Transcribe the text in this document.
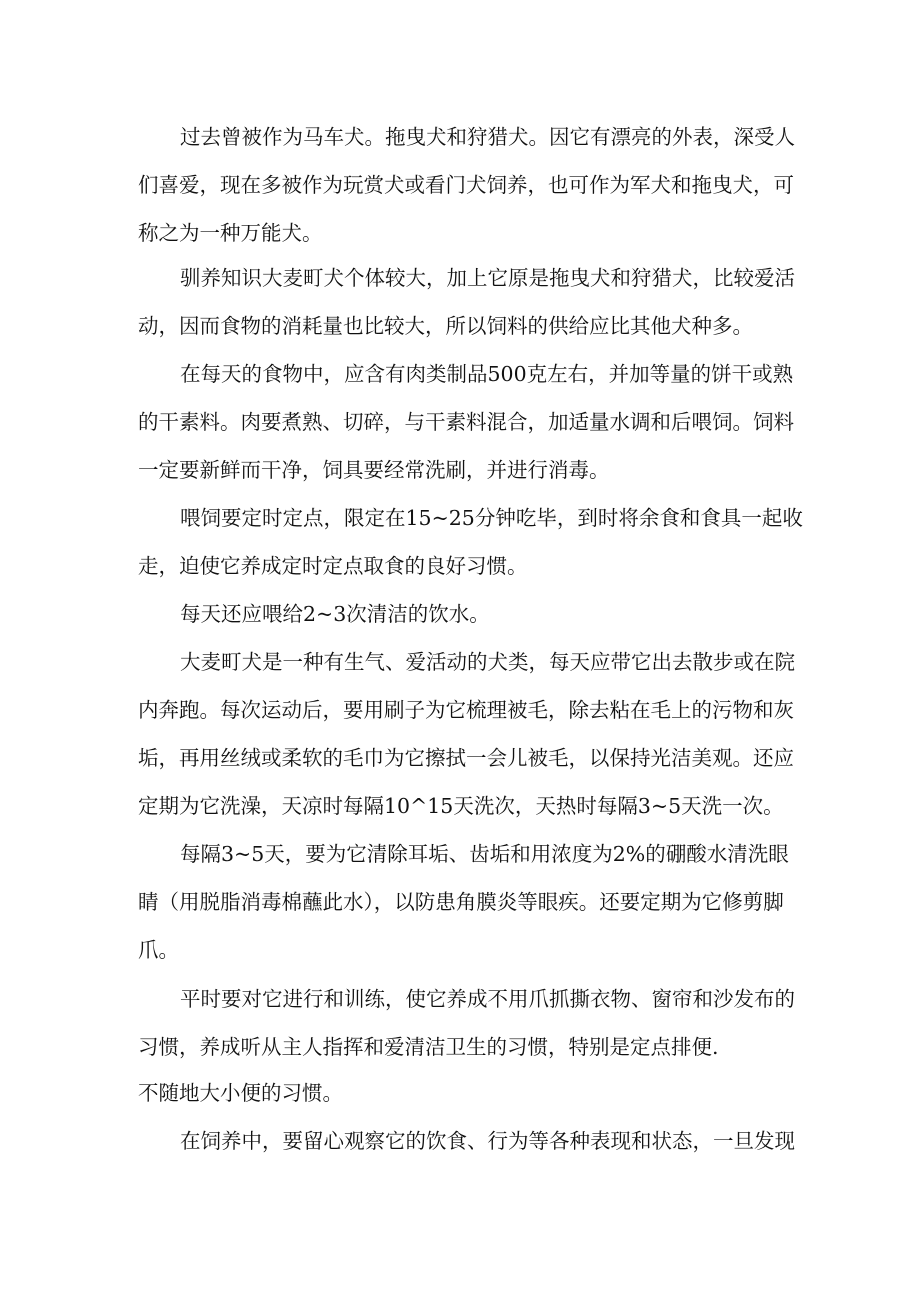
过去曾被作为马车犬。拖曳犬和狩猎犬。因它有漂亮的外表，深受人
们喜爱，现在多被作为玩赏犬或看门犬饲养，也可作为军犬和拖曳犬，可
称之为一种万能犬。

驯养知识大麦町犬个体较大，加上它原是拖曳犬和狩猎犬，比较爱活
动，因而食物的消耗量也比较大，所以饲料的供给应比其他犬种多。

在每天的食物中，应含有肉类制品500克左右，并加等量的饼干或熟
的干素料。肉要煮熟、切碎，与干素料混合，加适量水调和后喂饲。饲料
一定要新鲜而干净，饲具要经常洗刷，并进行消毒。

喂饲要定时定点，限定在15~25分钟吃毕，到时将余食和食具一起收
走，迫使它养成定时定点取食的良好习惯。

每天还应喂给2~3次清洁的饮水。

大麦町犬是一种有生气、爱活动的犬类，每天应带它出去散步或在院
内奔跑。每次运动后，要用刷子为它梳理被毛，除去粘在毛上的污物和灰
垢，再用丝绒或柔软的毛巾为它擦拭一会儿被毛，以保持光洁美观。还应
定期为它洗澡，天凉时每隔10^15天洗次，天热时每隔3~5天洗一次。

每隔3~5天，要为它清除耳垢、齿垢和用浓度为2%的硼酸水清洗眼
睛（用脱脂消毒棉蘸此水），以防患角膜炎等眼疾。还要定期为它修剪脚
爪。

平时要对它进行和训练，使它养成不用爪抓撕衣物、窗帘和沙发布的
习惯，养成听从主人指挥和爱清洁卫生的习惯，特别是定点排便.
不随地大小便的习惯。

在饲养中，要留心观察它的饮食、行为等各种表现和状态，一旦发现
